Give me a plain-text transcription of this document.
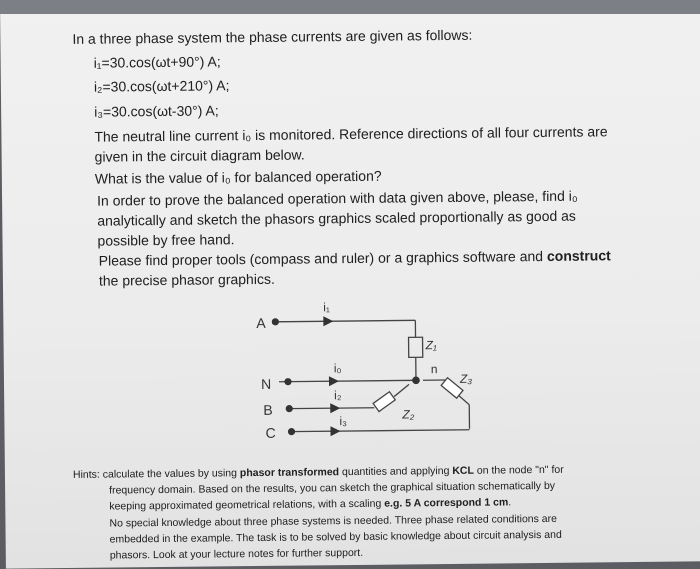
In a three phase system the phase currents are given as follows:
i₁=30.cos(ωt+90°) A;
i₂=30.cos(ωt+210°) A;
i₃=30.cos(ωt-30°) A;
The neutral line current i₀ is monitored. Reference directions of all four currents are
given in the circuit diagram below.
What is the value of i₀ for balanced operation?
In order to prove the balanced operation with data given above, please, find i₀
analytically and sketch the phasors graphics scaled proportionally as good as
possible by free hand.
Please find proper tools (compass and ruler) or a graphics software and construct
the precise phasor graphics.
A
N
B
C
i₁
i₀
i₂
i₃
n
Z₁
Z₂
Z₃
Hints: calculate the values by using phasor transformed quantities and applying KCL on the node "n" for
frequency domain. Based on the results, you can sketch the graphical situation schematically by
keeping approximated geometrical relations, with a scaling e.g. 5 A correspond 1 cm.
No special knowledge about three phase systems is needed. Three phase related conditions are
embedded in the example. The task is to be solved by basic knowledge about circuit analysis and
phasors. Look at your lecture notes for further support.
